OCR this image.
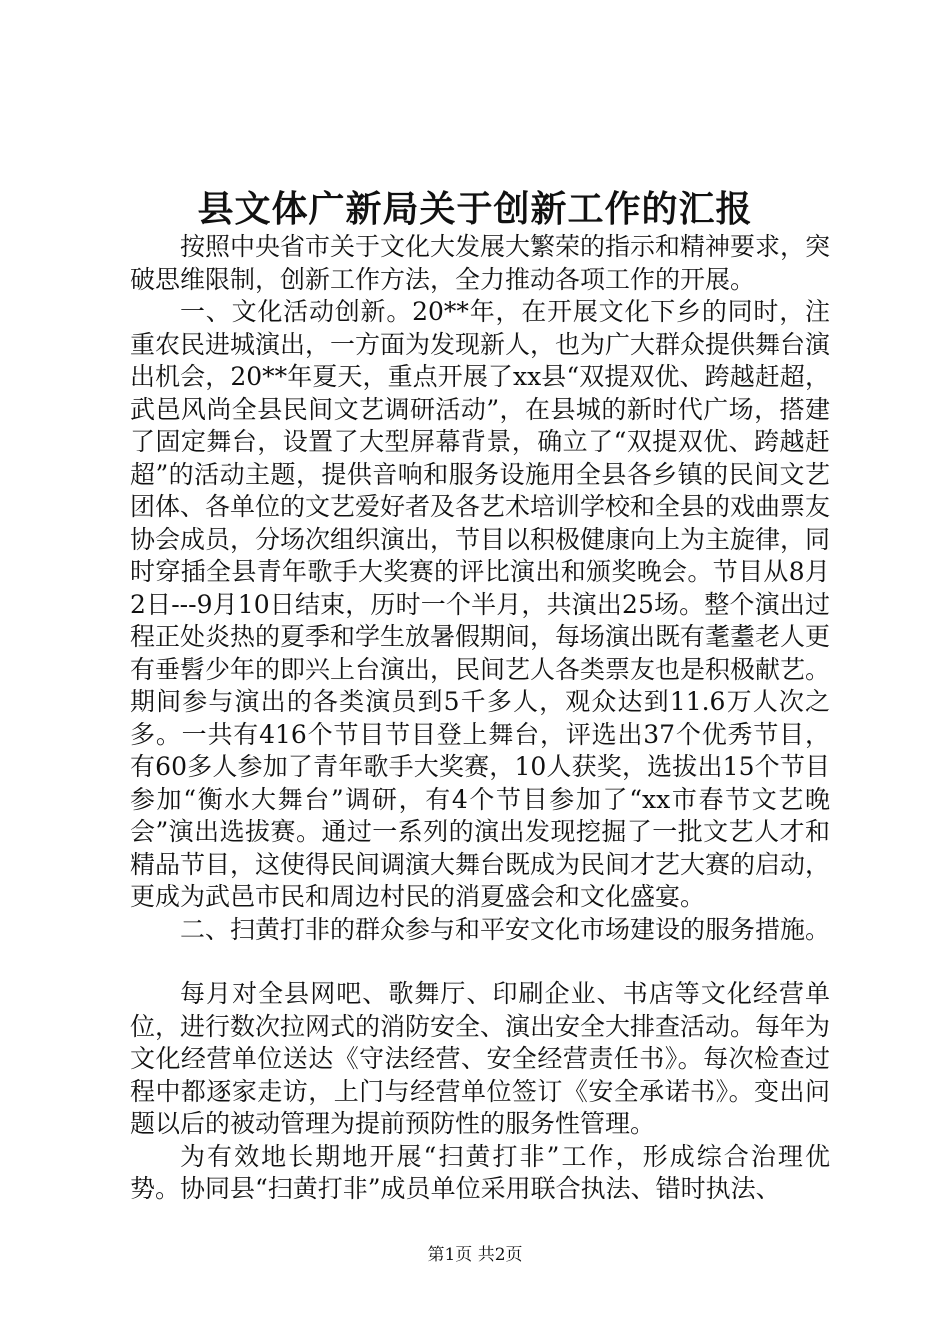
县文体广新局关于创新工作的汇报

按照中央省市关于文化大发展大繁荣的指示和精神要求，突破思维限制，创新工作方法，全力推动各项工作的开展。

一、文化活动创新。20**年，在开展文化下乡的同时，注重农民进城演出，一方面为发现新人，也为广大群众提供舞台演出机会，20**年夏天，重点开展了xx县“双提双优、跨越赶超，武邑风尚全县民间文艺调研活动”，在县城的新时代广场，搭建了固定舞台，设置了大型屏幕背景，确立了“双提双优、跨越赶超”的活动主题，提供音响和服务设施用全县各乡镇的民间文艺团体、各单位的文艺爱好者及各艺术培训学校和全县的戏曲票友协会成员，分场次组织演出，节目以积极健康向上为主旋律，同时穿插全县青年歌手大奖赛的评比演出和颁奖晚会。节目从8月2日---9月10日结束，历时一个半月，共演出25场。整个演出过程正处炎热的夏季和学生放暑假期间，每场演出既有耄耋老人更有垂髫少年的即兴上台演出，民间艺人各类票友也是积极献艺。期间参与演出的各类演员到5千多人，观众达到11.6万人次之多。一共有416个节目节目登上舞台，评选出37个优秀节目，有60多人参加了青年歌手大奖赛，10人获奖，选拔出15个节目参加“衡水大舞台”调研，有4个节目参加了“xx市春节文艺晚会”演出选拔赛。通过一系列的演出发现挖掘了一批文艺人才和精品节目，这使得民间调演大舞台既成为民间才艺大赛的启动，更成为武邑市民和周边村民的消夏盛会和文化盛宴。

二、扫黄打非的群众参与和平安文化市场建设的服务措施。

每月对全县网吧、歌舞厅、印刷企业、书店等文化经营单位，进行数次拉网式的消防安全、演出安全大排查活动。每年为文化经营单位送达《守法经营、安全经营责任书》。每次检查过程中都逐家走访，上门与经营单位签订《安全承诺书》。变出问题以后的被动管理为提前预防性的服务性管理。

为有效地长期地开展“扫黄打非”工作，形成综合治理优势。协同县“扫黄打非”成员单位采用联合执法、错时执法、

第1页 共2页
